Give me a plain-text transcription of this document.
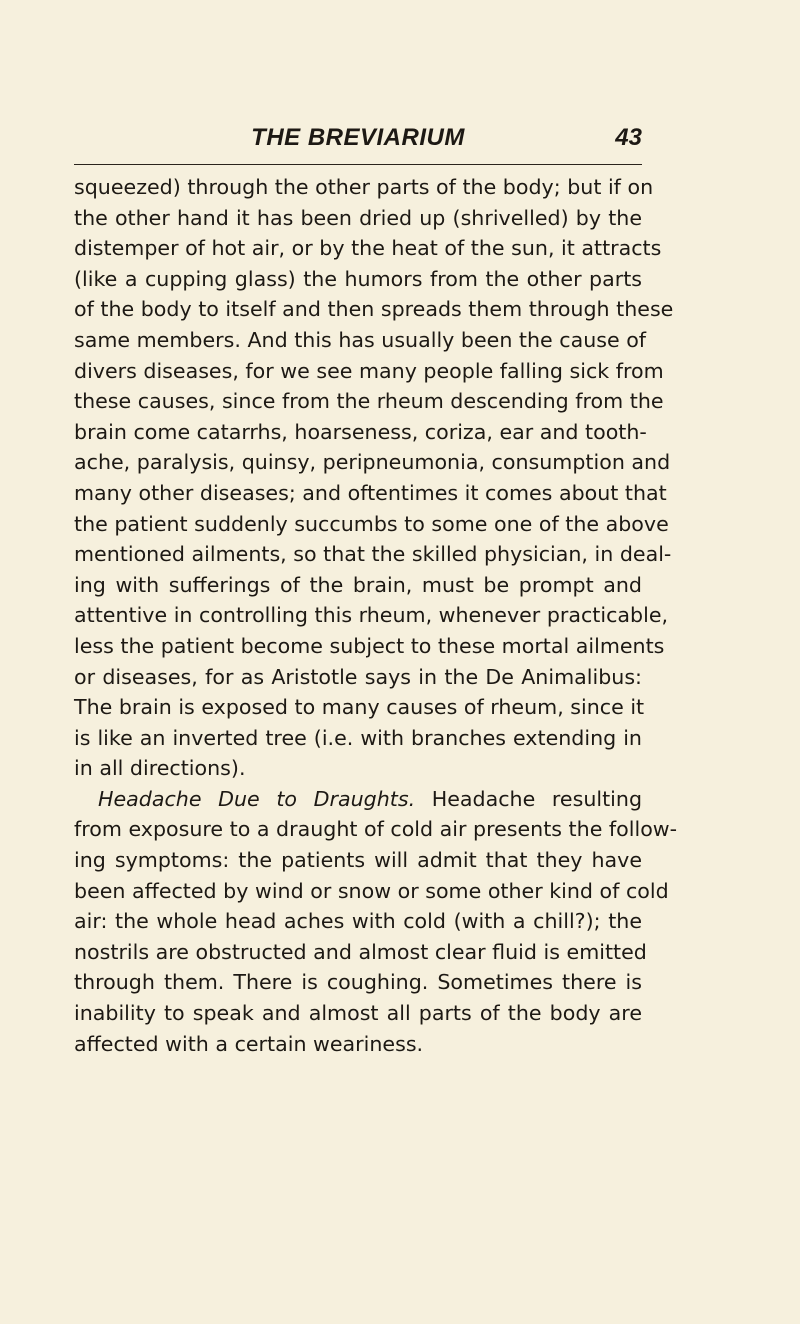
THE BREVIARIUM	43
squeezed) through the other parts of the body; but if on
the other hand it has been dried up (shrivelled) by the
distemper of hot air, or by the heat of the sun, it attracts
(like a cupping glass) the humors from the other parts
of the body to itself and then spreads them through these
same members. And this has usually been the cause of
divers diseases, for we see many people falling sick from
these causes, since from the rheum descending from the
brain come catarrhs, hoarseness, coriza, ear and tooth-
ache, paralysis, quinsy, peripneumonia, consumption and
many other diseases; and oftentimes it comes about that
the patient suddenly succumbs to some one of the above
mentioned ailments, so that the skilled physician, in deal-
ing with sufferings of the brain, must be prompt and
attentive in controlling this rheum, whenever practicable,
less the patient become subject to these mortal ailments
or diseases, for as Aristotle says in the De Animalibus:
The brain is exposed to many causes of rheum, since it
is like an inverted tree (i.e. with branches extending in
in all directions).
Headache Due to Draughts. Headache resulting
from exposure to a draught of cold air presents the follow-
ing symptoms: the patients will admit that they have
been affected by wind or snow or some other kind of cold
air: the whole head aches with cold (with a chill?); the
nostrils are obstructed and almost clear fluid is emitted
through them. There is coughing. Sometimes there is
inability to speak and almost all parts of the body are
affected with a certain weariness.
